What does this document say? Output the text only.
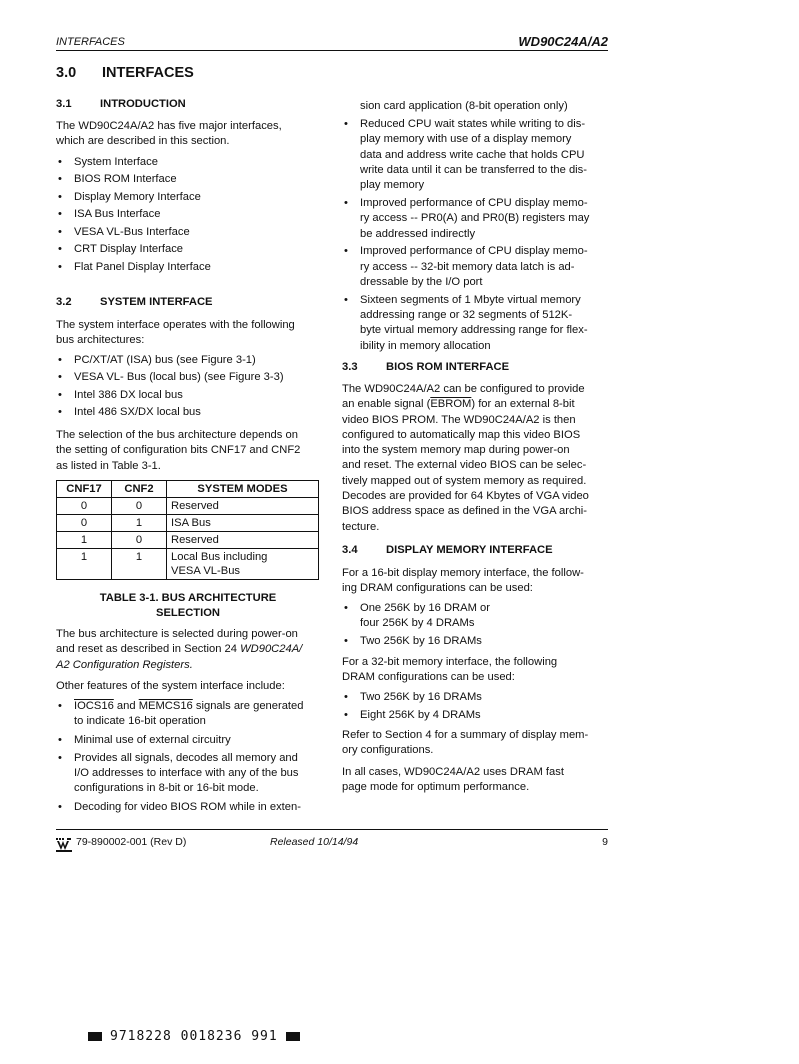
INTERFACES	WD90C24A/A2
3.0 INTERFACES
3.1	INTRODUCTION
The WD90C24A/A2 has five major interfaces,
which are described in this section.
• System Interface
• BIOS ROM Interface
• Display Memory Interface
• ISA Bus Interface
• VESA VL-Bus Interface
• CRT Display Interface
• Flat Panel Display Interface
3.2	SYSTEM INTERFACE
The system interface operates with the following
bus architectures:
• PC/XT/AT (ISA) bus (see Figure 3-1)
• VESA VL- Bus (local bus) (see Figure 3-3)
• Intel 386 DX local bus
• Intel 486 SX/DX local bus
The selection of the bus architecture depends on
the setting of configuration bits CNF17 and CNF2
as listed in Table 3-1.
CNF17	CNF2	SYSTEM MODES
0	0	Reserved
0	1	ISA Bus
1	0	Reserved
1	1	Local Bus including
VESA VL-Bus
TABLE 3-1. BUS ARCHITECTURE
SELECTION
The bus architecture is selected during power-on
and reset as described in Section 24 WD90C24A/
A2 Configuration Registers.
Other features of the system interface include:
• IOCS16 and MEMCS16 signals are generated
to indicate 16-bit operation
• Minimal use of external circuitry
• Provides all signals, decodes all memory and
I/O addresses to interface with any of the bus
configurations in 8-bit or 16-bit mode.
• Decoding for video BIOS ROM while in exten-
sion card application (8-bit operation only)
• Reduced CPU wait states while writing to dis-
play memory with use of a display memory
data and address write cache that holds CPU
write data until it can be transferred to the dis-
play memory
• Improved performance of CPU display memo-
ry access -- PR0(A) and PR0(B) registers may
be addressed indirectly
• Improved performance of CPU display memo-
ry access -- 32-bit memory data latch is ad-
dressable by the I/O port
• Sixteen segments of 1 Mbyte virtual memory
addressing range or 32 segments of 512K-
byte virtual memory addressing range for flex-
ibility in memory allocation
3.3	BIOS ROM INTERFACE
The WD90C24A/A2 can be configured to provide
an enable signal (EBROM) for an external 8-bit
video BIOS PROM. The WD90C24A/A2 is then
configured to automatically map this video BIOS
into the system memory map during power-on
and reset. The external video BIOS can be selec-
tively mapped out of system memory as required.
Decodes are provided for 64 Kbytes of VGA video
BIOS address space as defined in the VGA archi-
tecture.
3.4	DISPLAY MEMORY INTERFACE
For a 16-bit display memory interface, the follow-
ing DRAM configurations can be used:
• One 256K by 16 DRAM or
four 256K by 4 DRAMs
• Two 256K by 16 DRAMs
For a 32-bit memory interface, the following
DRAM configurations can be used:
• Two 256K by 16 DRAMs
• Eight 256K by 4 DRAMs
Refer to Section 4 for a summary of display mem-
ory configurations.
In all cases, WD90C24A/A2 uses DRAM fast
page mode for optimum performance.
79-890002-001 (Rev D)	Released 10/14/94	9
9718228 0018236 991
